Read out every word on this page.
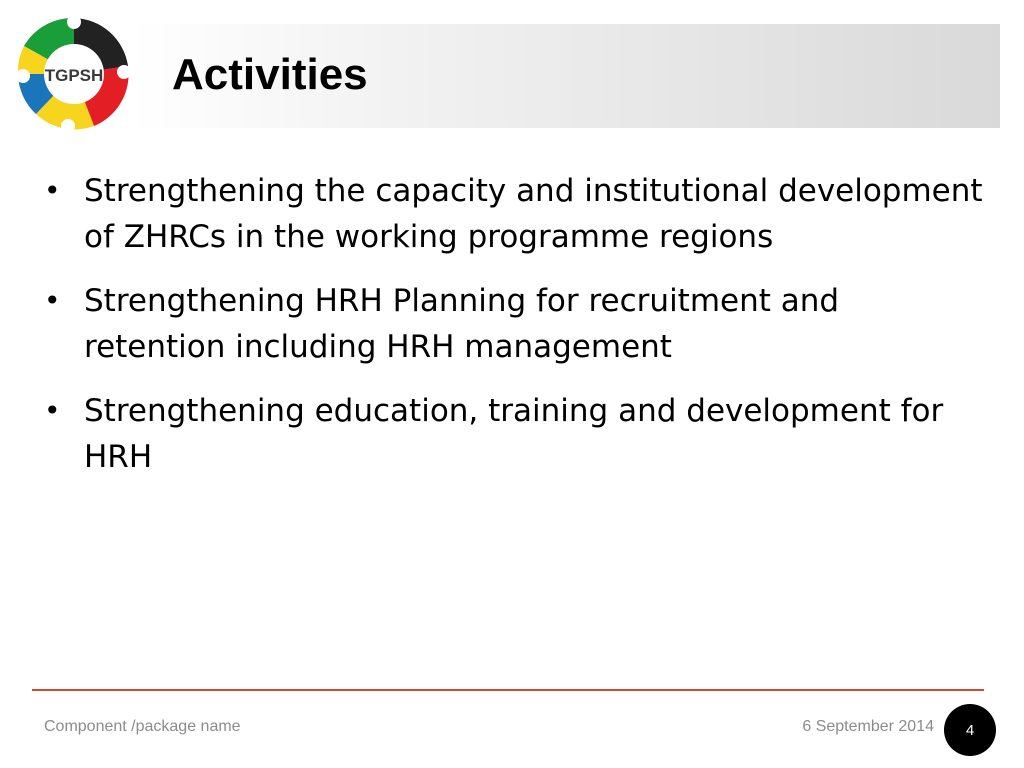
TGPSH Activities
• Strengthening the capacity and institutional development of ZHRCs in the working programme regions
• Strengthening HRH Planning for recruitment and retention including HRH management
• Strengthening education, training and development for HRH
Component /package name	6 September 2014 4
